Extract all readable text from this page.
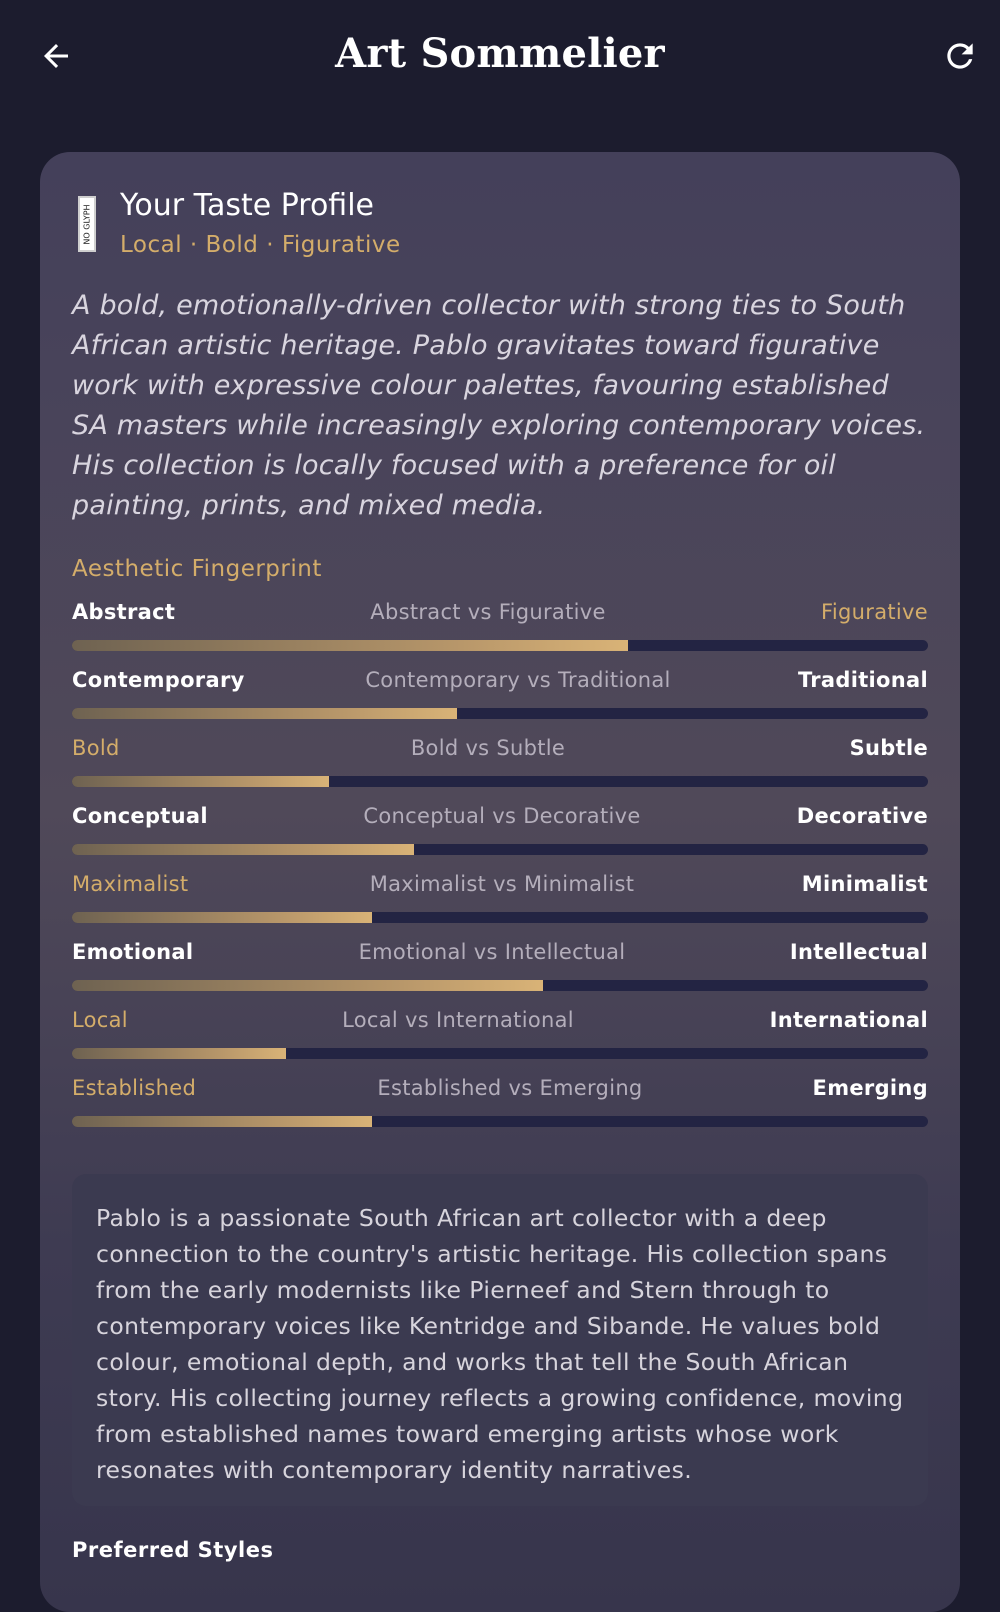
Art Sommelier
NO GLYPH Your Taste Profile
Local · Bold · Figurative
A bold, emotionally-driven collector with strong ties to South African artistic heritage. Pablo gravitates toward figurative work with expressive colour palettes, favouring established SA masters while increasingly exploring contemporary voices. His collection is locally focused with a preference for oil painting, prints, and mixed media.
Aesthetic Fingerprint
Abstract	Abstract vs Figurative	Figurative
Contemporary	Contemporary vs Traditional	Traditional
Bold	Bold vs Subtle	Subtle
Conceptual	Conceptual vs Decorative	Decorative
Maximalist	Maximalist vs Minimalist	Minimalist
Emotional	Emotional vs Intellectual	Intellectual
Local	Local vs International	International
Established	Established vs Emerging	Emerging
Pablo is a passionate South African art collector with a deep connection to the country's artistic heritage. His collection spans from the early modernists like Pierneef and Stern through to contemporary voices like Kentridge and Sibande. He values bold colour, emotional depth, and works that tell the South African story. His collecting journey reflects a growing confidence, moving from established names toward emerging artists whose work resonates with contemporary identity narratives.
Preferred Styles
